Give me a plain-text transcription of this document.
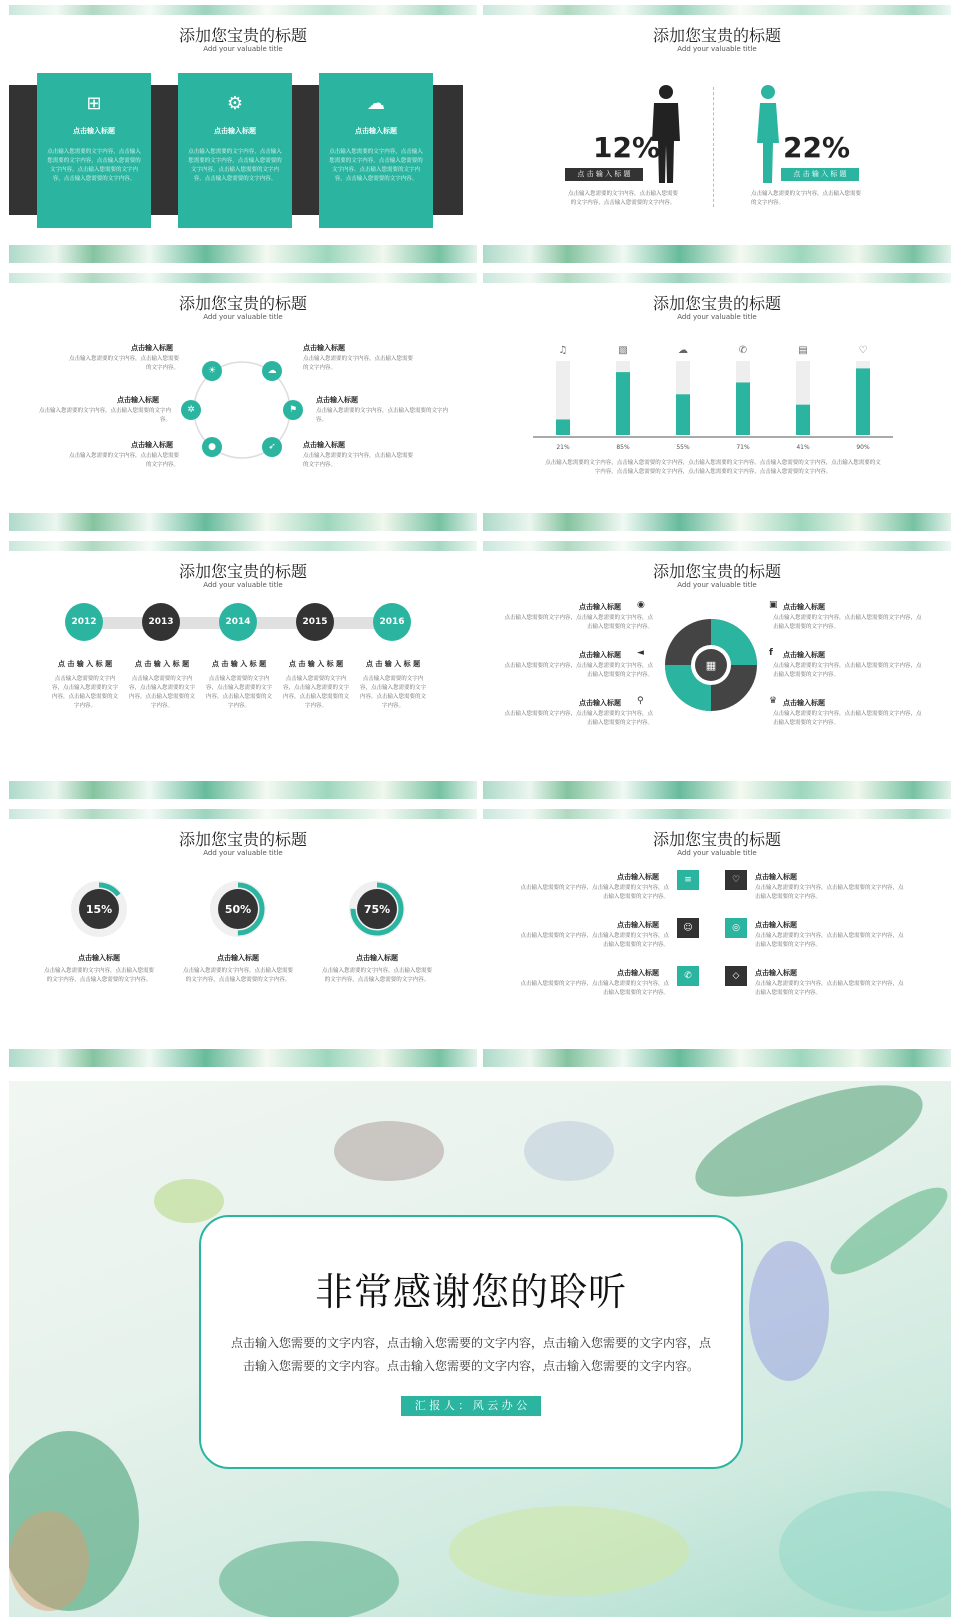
添加您宝贵的标题
Add your valuable title
⊞
点击输入标题
点击输入您需要的文字内容，点击输入您需要的文字内容，点击输入您需要的文字内容。点击输入您需要的文字内容，点击输入您需要的文字内容。
⚙
点击输入标题
点击输入您需要的文字内容，点击输入您需要的文字内容，点击输入您需要的文字内容。点击输入您需要的文字内容，点击输入您需要的文字内容。
☁
点击输入标题
点击输入您需要的文字内容，点击输入您需要的文字内容，点击输入您需要的文字内容。点击输入您需要的文字内容，点击输入您需要的文字内容。
添加您宝贵的标题
Add your valuable title
12%
点 击 输 入 标 题
点击输入您需要的文字内容，点击输入您需要的文字内容，点击输入您需要的文字内容。
22%
点 击 输 入 标 题
点击输入您需要的文字内容，点击输入您需要的文字内容。
添加您宝贵的标题
Add your valuable title
☀	☁
✲	⚑
●	➶
点击输入标题
点击输入您需要的文字内容，点击输入您需要的文字内容。
点击输入标题
点击输入您需要的文字内容，点击输入您需要的文字内容。
点击输入标题
点击输入您需要的文字内容，点击输入您需要的文字内容。
点击输入标题
点击输入您需要的文字内容，点击输入您需要的文字内容。
点击输入标题
点击输入您需要的文字内容，点击输入您需要的文字内容。
点击输入标题
点击输入您需要的文字内容，点击输入您需要的文字内容。
添加您宝贵的标题
Add your valuable title
♫
21%
▧
85%
☁
55%
✆
71%
▤
41%
♡
90%
点击输入您需要的文字内容，点击输入您需要的文字内容，点击输入您需要的文字内容。点击输入您需要的文字内容，点击输入您需要的文字内容。点击输入您需要的文字内容，点击输入您需要的文字内容，点击输入您需要的文字内容。
添加您宝贵的标题
Add your valuable title
2012	2013	2014	2015	2016
点 击 输 入 标 题
点击输入您需要的文字内容，点击输入您需要的文字内容，点击输入您需要的文字内容。
点 击 输 入 标 题
点击输入您需要的文字内容，点击输入您需要的文字内容，点击输入您需要的文字内容。
点 击 输 入 标 题
点击输入您需要的文字内容，点击输入您需要的文字内容，点击输入您需要的文字内容。
点 击 输 入 标 题
点击输入您需要的文字内容，点击输入您需要的文字内容，点击输入您需要的文字内容。
点 击 输 入 标 题
点击输入您需要的文字内容，点击输入您需要的文字内容，点击输入您需要的文字内容。
添加您宝贵的标题
Add your valuable title
▦
点击输入标题 ◉
点击输入您需要的文字内容，点击输入您需要的文字内容，点击输入您需要的文字内容。
点击输入标题 ◄
点击输入您需要的文字内容，点击输入您需要的文字内容，点击输入您需要的文字内容。
点击输入标题 ⚲
点击输入您需要的文字内容，点击输入您需要的文字内容，点击输入您需要的文字内容。
▣ 点击输入标题
点击输入您需要的文字内容，点击输入您需要的文字内容，点击输入您需要的文字内容。
f 点击输入标题
点击输入您需要的文字内容，点击输入您需要的文字内容，点击输入您需要的文字内容。
♛ 点击输入标题
点击输入您需要的文字内容，点击输入您需要的文字内容，点击输入您需要的文字内容。
添加您宝贵的标题
Add your valuable title
15%	50%	75%
点击输入标题
点击输入您需要的文字内容，点击输入您需要的文字内容，点击输入您需要的文字内容。
点击输入标题
点击输入您需要的文字内容，点击输入您需要的文字内容，点击输入您需要的文字内容。
点击输入标题
点击输入您需要的文字内容，点击输入您需要的文字内容，点击输入您需要的文字内容。
添加您宝贵的标题
Add your valuable title
点击输入标题
点击输入您需要的文字内容，点击输入您需要的文字内容，点击输入您需要的文字内容。
≡	♡	点击输入标题
点击输入您需要的文字内容，点击输入您需要的文字内容，点击输入您需要的文字内容。
点击输入标题
点击输入您需要的文字内容，点击输入您需要的文字内容，点击输入您需要的文字内容。
☺	◎	点击输入标题
点击输入您需要的文字内容，点击输入您需要的文字内容，点击输入您需要的文字内容。
点击输入标题
点击输入您需要的文字内容，点击输入您需要的文字内容，点击输入您需要的文字内容。
✆	◇	点击输入标题
点击输入您需要的文字内容，点击输入您需要的文字内容，点击输入您需要的文字内容。
非常感谢您的聆听
点击输入您需要的文字内容，点击输入您需要的文字内容，点击输入您需要的文字内容，点
击输入您需要的文字内容。点击输入您需要的文字内容，点击输入您需要的文字内容。
汇 报 人 ： 风 云 办 公
